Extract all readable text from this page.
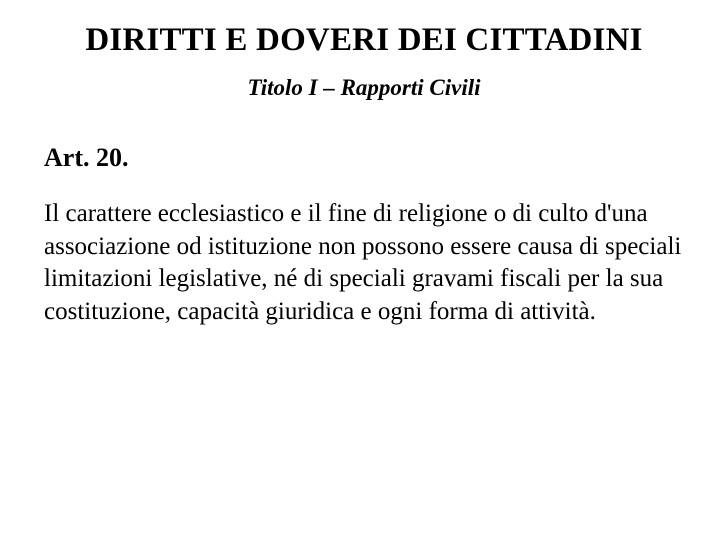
DIRITTI E DOVERI DEI CITTADINI
Titolo I – Rapporti Civili
Art. 20.

Il carattere ecclesiastico e il fine di religione o di culto d'una associazione od istituzione non possono essere causa di speciali limitazioni legislative, né di speciali gravami fiscali per la sua costituzione, capacità giuridica e ogni forma di attività.
